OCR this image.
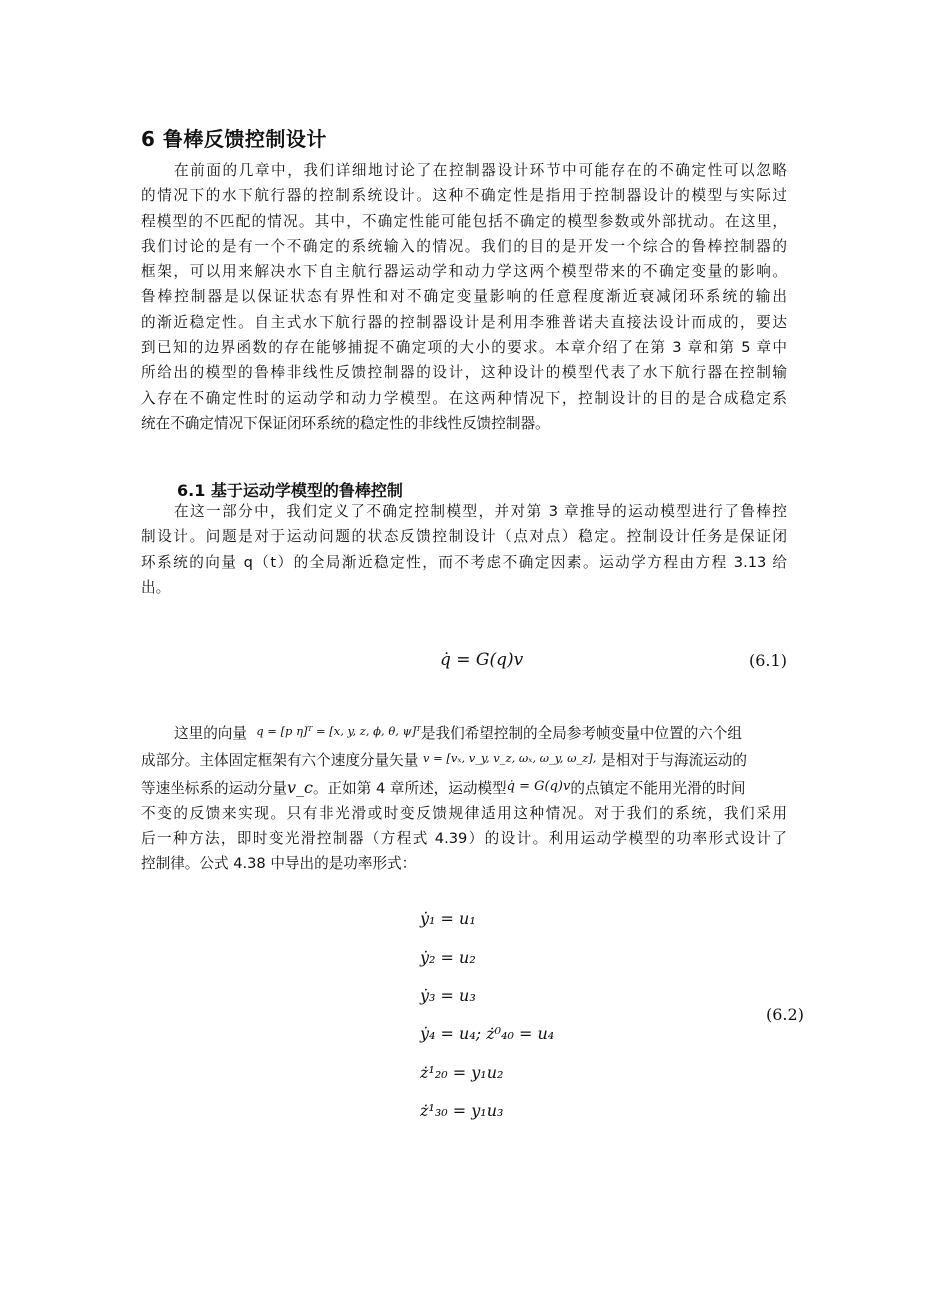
6 鲁棒反馈控制设计
在前面的几章中，我们详细地讨论了在控制器设计环节中可能存在的不确定性可以忽略
的情况下的水下航行器的控制系统设计。这种不确定性是指用于控制器设计的模型与实际过
程模型的不匹配的情况。其中，不确定性能可能包括不确定的模型参数或外部扰动。在这里，
我们讨论的是有一个不确定的系统输入的情况。我们的目的是开发一个综合的鲁棒控制器的
框架，可以用来解决水下自主航行器运动学和动力学这两个模型带来的不确定变量的影响。
鲁棒控制器是以保证状态有界性和对不确定变量影响的任意程度渐近衰减闭环系统的输出
的渐近稳定性。自主式水下航行器的控制器设计是利用李雅普诺夫直接法设计而成的，要达
到已知的边界函数的存在能够捕捉不确定项的大小的要求。本章介绍了在第 3 章和第 5 章中
所给出的模型的鲁棒非线性反馈控制器的设计，这种设计的模型代表了水下航行器在控制输
入存在不确定性时的运动学和动力学模型。在这两种情况下，控制设计的目的是合成稳定系
统在不确定情况下保证闭环系统的稳定性的非线性反馈控制器。
6.1 基于运动学模型的鲁棒控制
在这一部分中，我们定义了不确定控制模型，并对第 3 章推导的运动模型进行了鲁棒控
制设计。问题是对于运动问题的状态反馈控制设计（点对点）稳定。控制设计任务是保证闭
环系统的向量 q（t）的全局渐近稳定性，而不考虑不确定因素。运动学方程由方程 3.13 给
出。
q̇ = G(q)v	(6.1)
这里的向量 $^{q = [p \eta]ᵀ = [x, y, z, \phi, \theta, \psi]ᵀ}$是我们希望控制的全局参考帧变量中位置的六个组
成部分。主体固定框架有六个速度分量矢量 $^{v = [v_x, v\_y, v\_z, \omega_x, \omega\_y, \omega\_z],}$ 是相对于与海流运动的
等速坐标系的运动分量v_c。正如第 4 章所述，运动模型q̇ = G(q)v的点镇定不能用光滑的时间
不变的反馈来实现。只有非光滑或时变反馈规律适用这种情况。对于我们的系统，我们采用
后一种方法，即时变光滑控制器（方程式 4.39）的设计。利用运动学模型的功率形式设计了
控制律。公式 4.38 中导出的是功率形式：
ẏ₁ = u₁
ẏ₂ = u₂
ẏ₃ = u₃
ẏ₄ = u₄; ż⁰₄₀ = u₄
ż¹₂₀ = y₁u₂
ż¹₃₀ = y₁u₃
(6.2)
